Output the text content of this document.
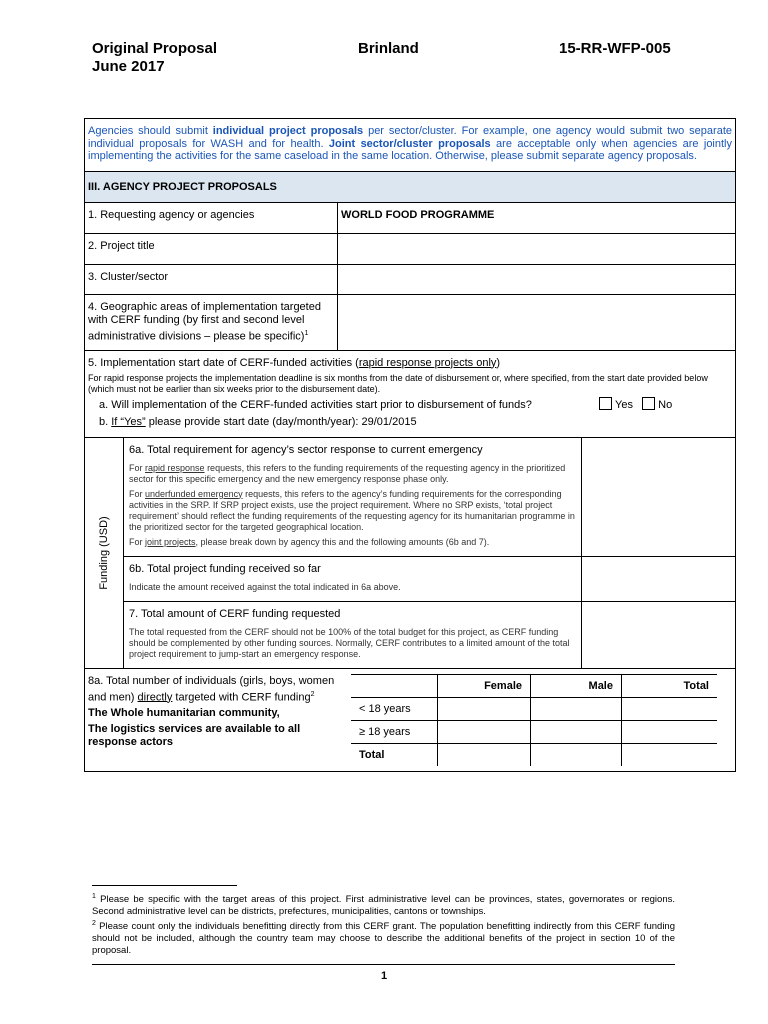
Original Proposal
June 2017
Brinland	15-RR-WFP-005
Agencies should submit individual project proposals per sector/cluster. For example, one agency would submit two separate individual proposals for WASH and for health. Joint sector/cluster proposals are acceptable only when agencies are jointly implementing the activities for the same caseload in the same location. Otherwise, please submit separate agency proposals.
III. AGENCY PROJECT PROPOSALS
1. Requesting agency or agencies	WORLD FOOD PROGRAMME
2. Project title
3. Cluster/sector
4. Geographic areas of implementation targeted with CERF funding (by first and second level administrative divisions – please be specific)$^1$
5. Implementation start date of CERF-funded activities (rapid response projects only)
For rapid response projects the implementation deadline is six months from the date of disbursement or, where specified, from the start date provided below (which must not be earlier than six weeks prior to the disbursement date).
a. Will implementation of the CERF-funded activities start prior to disbursement of funds?	Yes No
b. If “Yes” please provide start date (day/month/year): 29/01/2015
Funding (USD)
6a. Total requirement for agency’s sector response to current emergency
For rapid response requests, this refers to the funding requirements of the requesting agency in the prioritized sector for this specific emergency and the new emergency response phase only.
For underfunded emergency requests, this refers to the agency’s funding requirements for the corresponding activities in the SRP. If SRP project exists, use the project requirement. Where no SRP exists, ‘total project requirement’ should reflect the funding requirements of the requesting agency for its humanitarian programme in the prioritized sector for the targeted geographical location.
For joint projects, please break down by agency this and the following amounts (6b and 7).
6b. Total project funding received so far
Indicate the amount received against the total indicated in 6a above.
7. Total amount of CERF funding requested
The total requested from the CERF should not be 100% of the total budget for this project, as CERF funding should be complemented by other funding sources. Normally, CERF contributes to a limited amount of the total project requirement to jump-start an emergency response.
8a. Total number of individuals (girls, boys, women and men) directly targeted with CERF funding$^2$
The Whole humanitarian community,
The logistics services are available to all response actors
	Female	Male	Total
< 18 years			
≥ 18 years			
Total			
$^1$ Please be specific with the target areas of this project. First administrative level can be provinces, states, governorates or regions. Second administrative level can be districts, prefectures, municipalities, cantons or townships.
$^2$ Please count only the individuals benefitting directly from this CERF grant. The population benefitting indirectly from this CERF funding should not be included, although the country team may choose to describe the additional benefits of the project in section 10 of the proposal.
1
